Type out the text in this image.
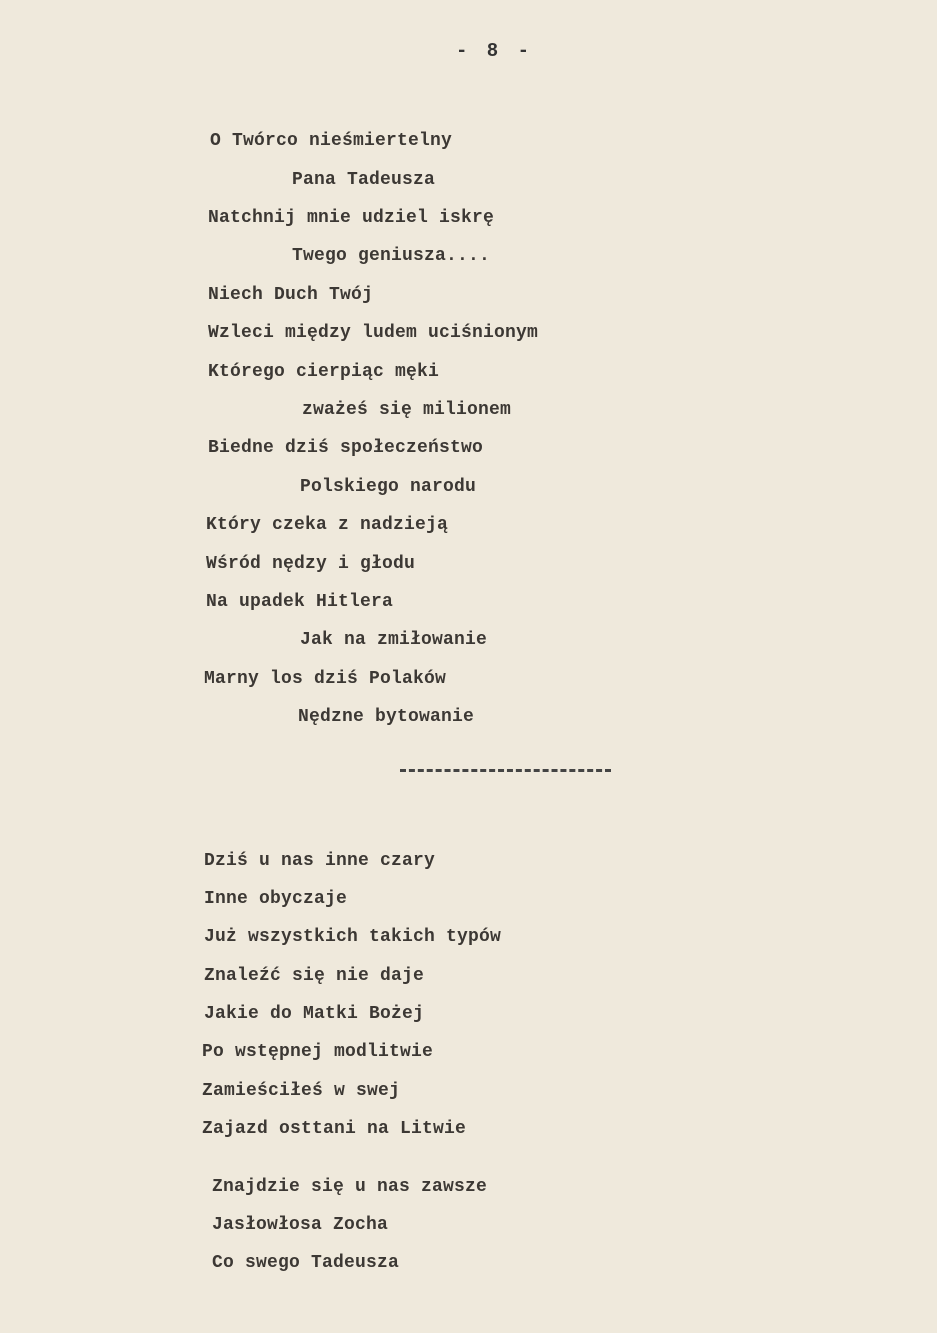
- 8 -
O Twórco nieśmiertelny
Pana Tadeusza
Natchnij mnie udziel iskrę
Twego geniusza....
Niech Duch Twój
Wzleci między ludem uciśnionym
Którego cierpiąc męki
zważeś się milionem
Biedne dziś społeczeństwo
Polskiego narodu
Który czeka z nadzieją
Wśród nędzy i głodu
Na upadek Hitlera
Jak na zmiłowanie
Marny los dziś Polaków
Nędzne bytowanie
Dziś u nas inne czary
Inne obyczaje
Już wszystkich takich typów
Znaleźć się nie daje
Jakie do Matki Bożej
Po wstępnej modlitwie
Zamieściłeś w swej
Zajazd osttani na Litwie
Znajdzie się u nas zawsze
Jasłowłosa Zocha
Co swego Tadeusza
